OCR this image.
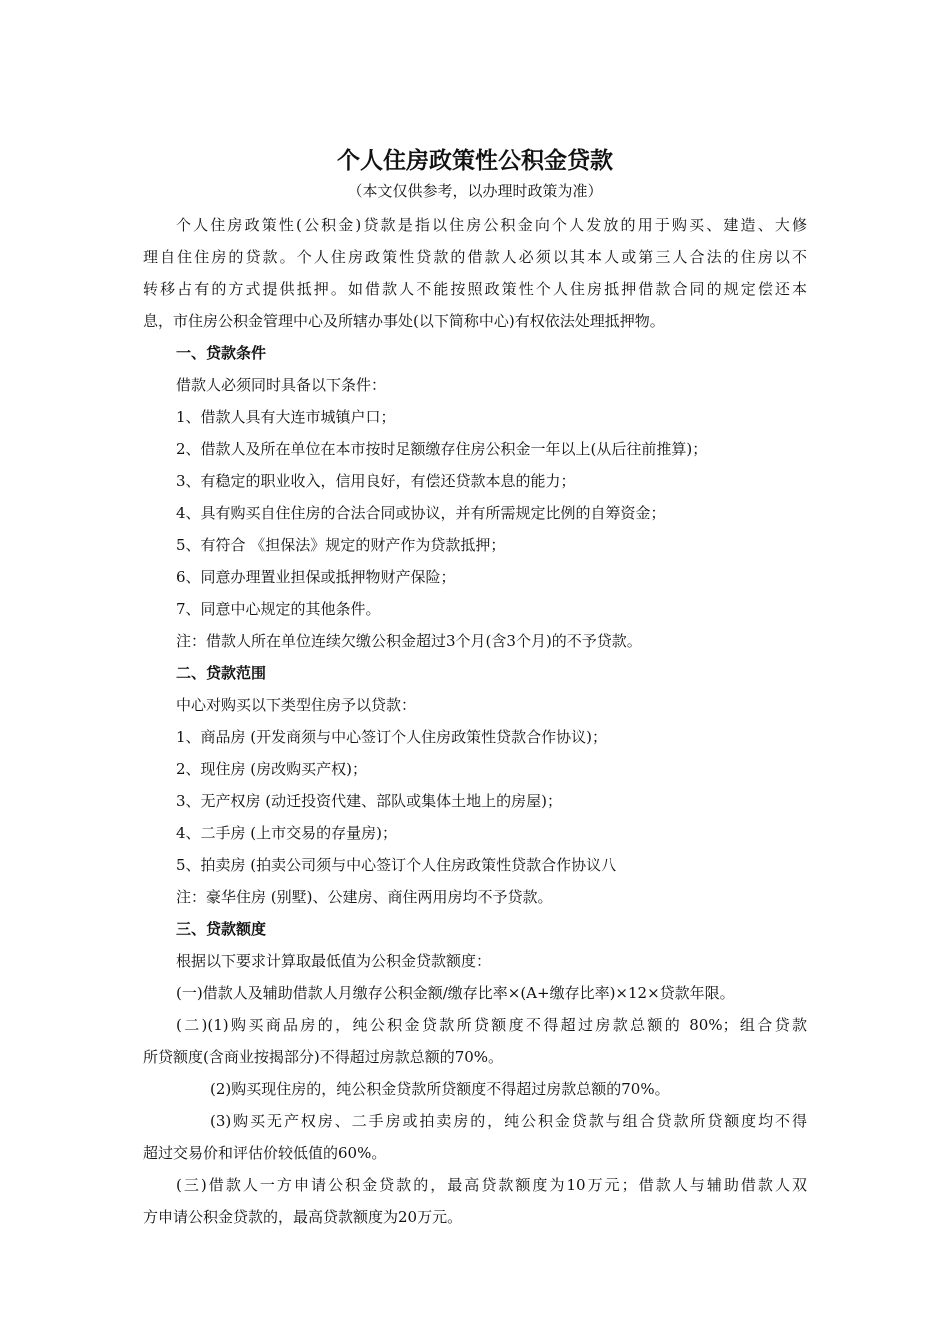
个人住房政策性公积金贷款
（本文仅供参考，以办理时政策为准）
个人住房政策性(公积金)贷款是指以住房公积金向个人发放的用于购买、建造、大修
理自住住房的贷款。个人住房政策性贷款的借款人必须以其本人或第三人合法的住房以不
转移占有的方式提供抵押。如借款人不能按照政策性个人住房抵押借款合同的规定偿还本
息，市住房公积金管理中心及所辖办事处(以下简称中心)有权依法处理抵押物。
一、贷款条件
借款人必须同时具备以下条件：
1、借款人具有大连市城镇户口；
2、借款人及所在单位在本市按时足额缴存住房公积金一年以上(从后往前推算)；
3、有稳定的职业收入，信用良好，有偿还贷款本息的能力；
4、具有购买自住住房的合法合同或协议，并有所需规定比例的自筹资金；
5、有符合 《担保法》规定的财产作为贷款抵押；
6、同意办理置业担保或抵押物财产保险；
7、同意中心规定的其他条件。
注：借款人所在单位连续欠缴公积金超过3个月(含3个月)的不予贷款。
二、贷款范围
中心对购买以下类型住房予以贷款：
1、商品房 (开发商须与中心签订个人住房政策性贷款合作协议)；
2、现住房 (房改购买产权)；
3、无产权房 (动迁投资代建、部队或集体土地上的房屋)；
4、二手房 (上市交易的存量房)；
5、拍卖房 (拍卖公司须与中心签订个人住房政策性贷款合作协议八
注：豪华住房 (别墅)、公建房、商住两用房均不予贷款。
三、贷款额度
根据以下要求计算取最低值为公积金贷款额度：
(一)借款人及辅助借款人月缴存公积金额/缴存比率×(A+缴存比率)×12×贷款年限。
(二)(1)购买商品房的，纯公积金贷款所贷额度不得超过房款总额的 80%；组合贷款
所贷额度(含商业按揭部分)不得超过房款总额的70%。
(2)购买现住房的，纯公积金贷款所贷额度不得超过房款总额的70%。
(3)购买无产权房、二手房或拍卖房的，纯公积金贷款与组合贷款所贷额度均不得
超过交易价和评估价较低值的60%。
(三)借款人一方申请公积金贷款的，最高贷款额度为10万元；借款人与辅助借款人双
方申请公积金贷款的，最高贷款额度为20万元。
